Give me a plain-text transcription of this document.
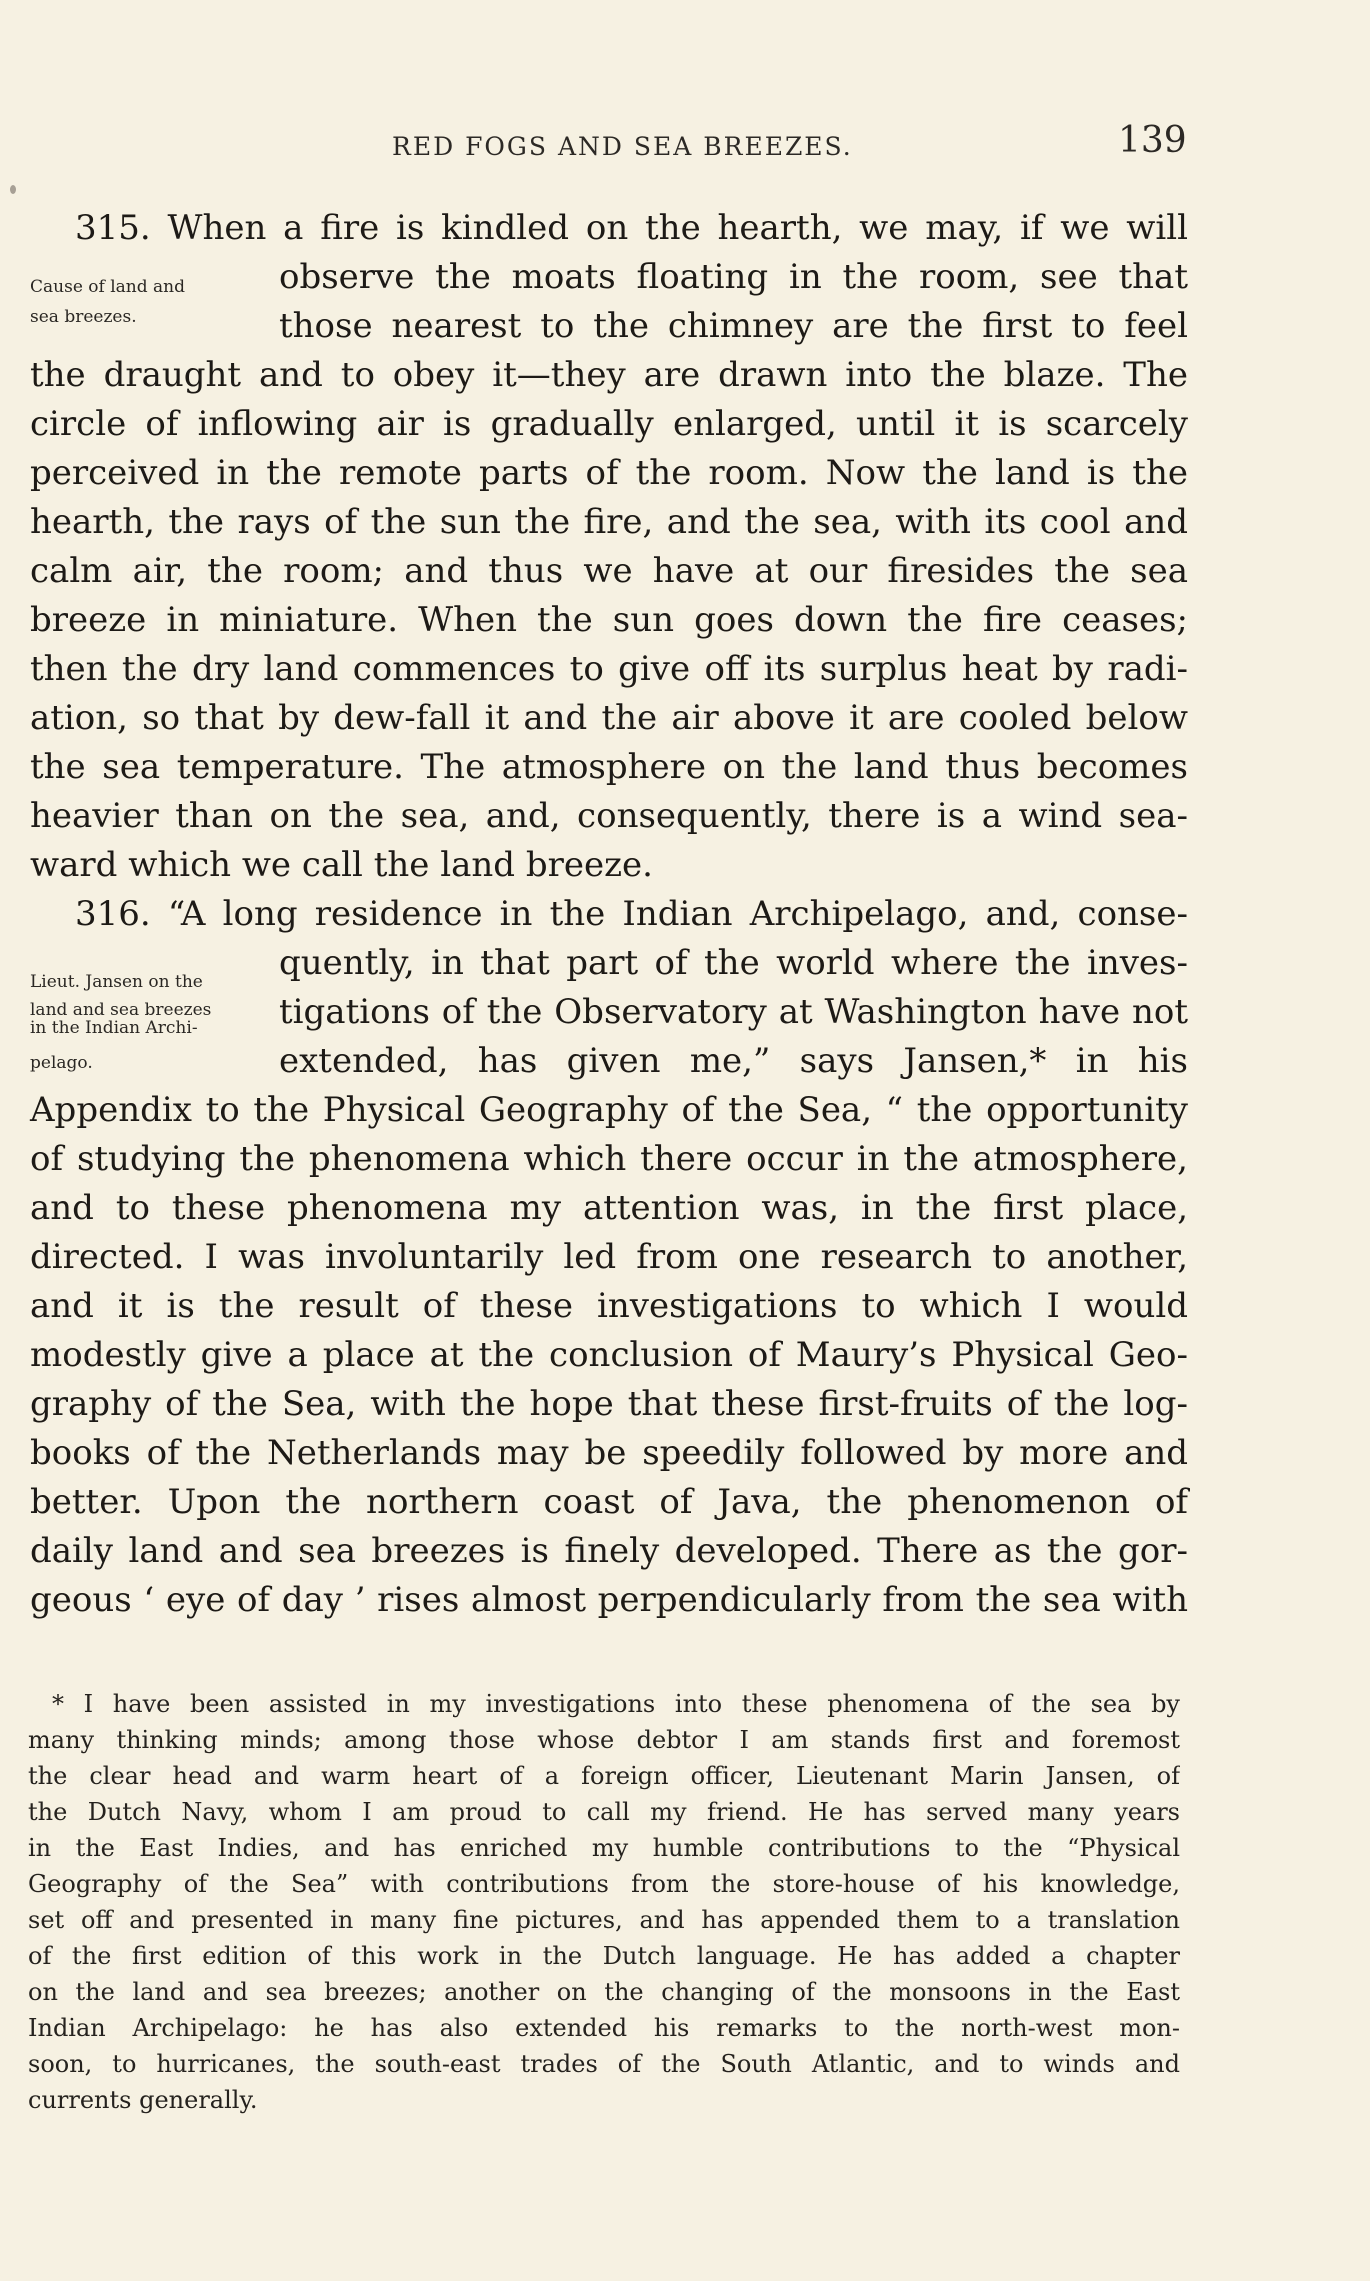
RED FOGS AND SEA BREEZES.	139
315. When a fire is kindled on the hearth, we may, if we will
observe the moats floating in the room, see that
those nearest to the chimney are the first to feel
the draught and to obey it—they are drawn into the blaze. The
circle of inflowing air is gradually enlarged, until it is scarcely
perceived in the remote parts of the room. Now the land is the
hearth, the rays of the sun the fire, and the sea, with its cool and
calm air, the room; and thus we have at our firesides the sea
breeze in miniature. When the sun goes down the fire ceases;
then the dry land commences to give off its surplus heat by radi-
ation, so that by dew-fall it and the air above it are cooled below
the sea temperature. The atmosphere on the land thus becomes
heavier than on the sea, and, consequently, there is a wind sea-
ward which we call the land breeze.
316. “A long residence in the Indian Archipelago, and, conse-
quently, in that part of the world where the inves-
tigations of the Observatory at Washington have not
extended, has given me,” says Jansen,* in his
Appendix to the Physical Geography of the Sea, “ the opportunity
of studying the phenomena which there occur in the atmosphere,
and to these phenomena my attention was, in the first place,
directed. I was involuntarily led from one research to another,
and it is the result of these investigations to which I would
modestly give a place at the conclusion of Maury’s Physical Geo-
graphy of the Sea, with the hope that these first-fruits of the log-
books of the Netherlands may be speedily followed by more and
better. Upon the northern coast of Java, the phenomenon of
daily land and sea breezes is finely developed. There as the gor-
geous ‘ eye of day ’ rises almost perpendicularly from the sea with
Cause of land and
sea breezes.
Lieut. Jansen on the
land and sea breezes
in the Indian Archi-
pelago.
* I have been assisted in my investigations into these phenomena of the sea by
many thinking minds; among those whose debtor I am stands first and foremost
the clear head and warm heart of a foreign officer, Lieutenant Marin Jansen, of
the Dutch Navy, whom I am proud to call my friend. He has served many years
in the East Indies, and has enriched my humble contributions to the “Physical
Geography of the Sea” with contributions from the store-house of his knowledge,
set off and presented in many fine pictures, and has appended them to a translation
of the first edition of this work in the Dutch language. He has added a chapter
on the land and sea breezes; another on the changing of the monsoons in the East
Indian Archipelago: he has also extended his remarks to the north-west mon-
soon, to hurricanes, the south-east trades of the South Atlantic, and to winds and
currents generally.
